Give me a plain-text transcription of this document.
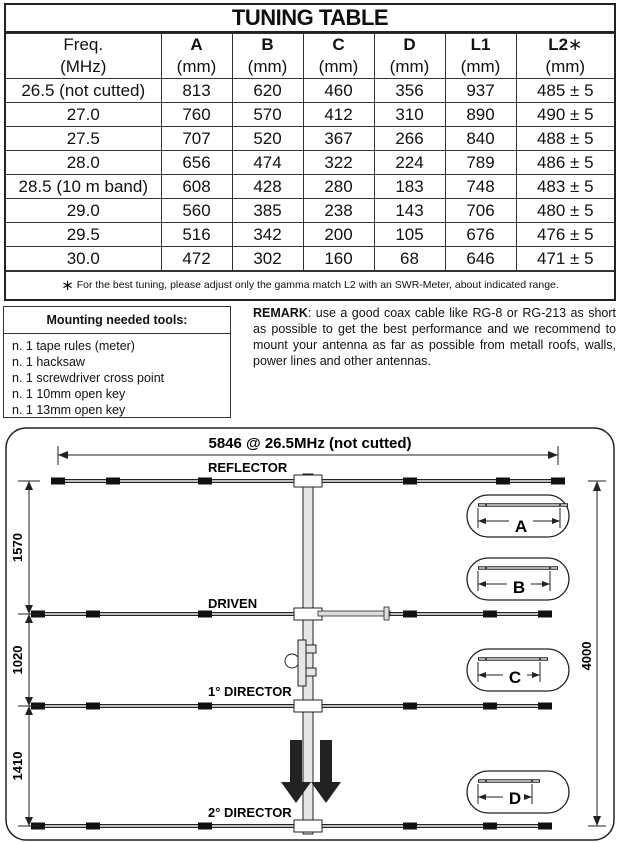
TUNING TABLE
Freq.	A	B	C	D	L1	L2∗
(MHz)	(mm)	(mm)	(mm)	(mm)	(mm)	(mm)
26.5 (not cutted)	813	620	460	356	937	485 ± 5
27.0	760	570	412	310	890	490 ± 5
27.5	707	520	367	266	840	488 ± 5
28.0	656	474	322	224	789	486 ± 5
28.5 (10 m band)	608	428	280	183	748	483 ± 5
29.0	560	385	238	143	706	480 ± 5
29.5	516	342	200	105	676	476 ± 5
30.0	472	302	160	68	646	471 ± 5
∗ For the best tuning, please adjust only the gamma match L2 with an SWR-Meter, about indicated range.
Mounting needed tools:
n. 1 tape rules (meter)
n. 1 hacksaw
n. 1 screwdriver cross point
n. 1 10mm open key
n. 1 13mm open key
REMARK: use a good coax cable like RG-8 or RG-213 as short as possible to get the best performance and we recommend to mount your antenna as far as possible from metall roofs, walls, power lines and other antennas.
5846 @ 26.5MHz (not cutted)
REFLECTOR
DRIVEN
1° DIRECTOR
2° DIRECTOR
1570
1020
1410
4000
A
B
C
D
